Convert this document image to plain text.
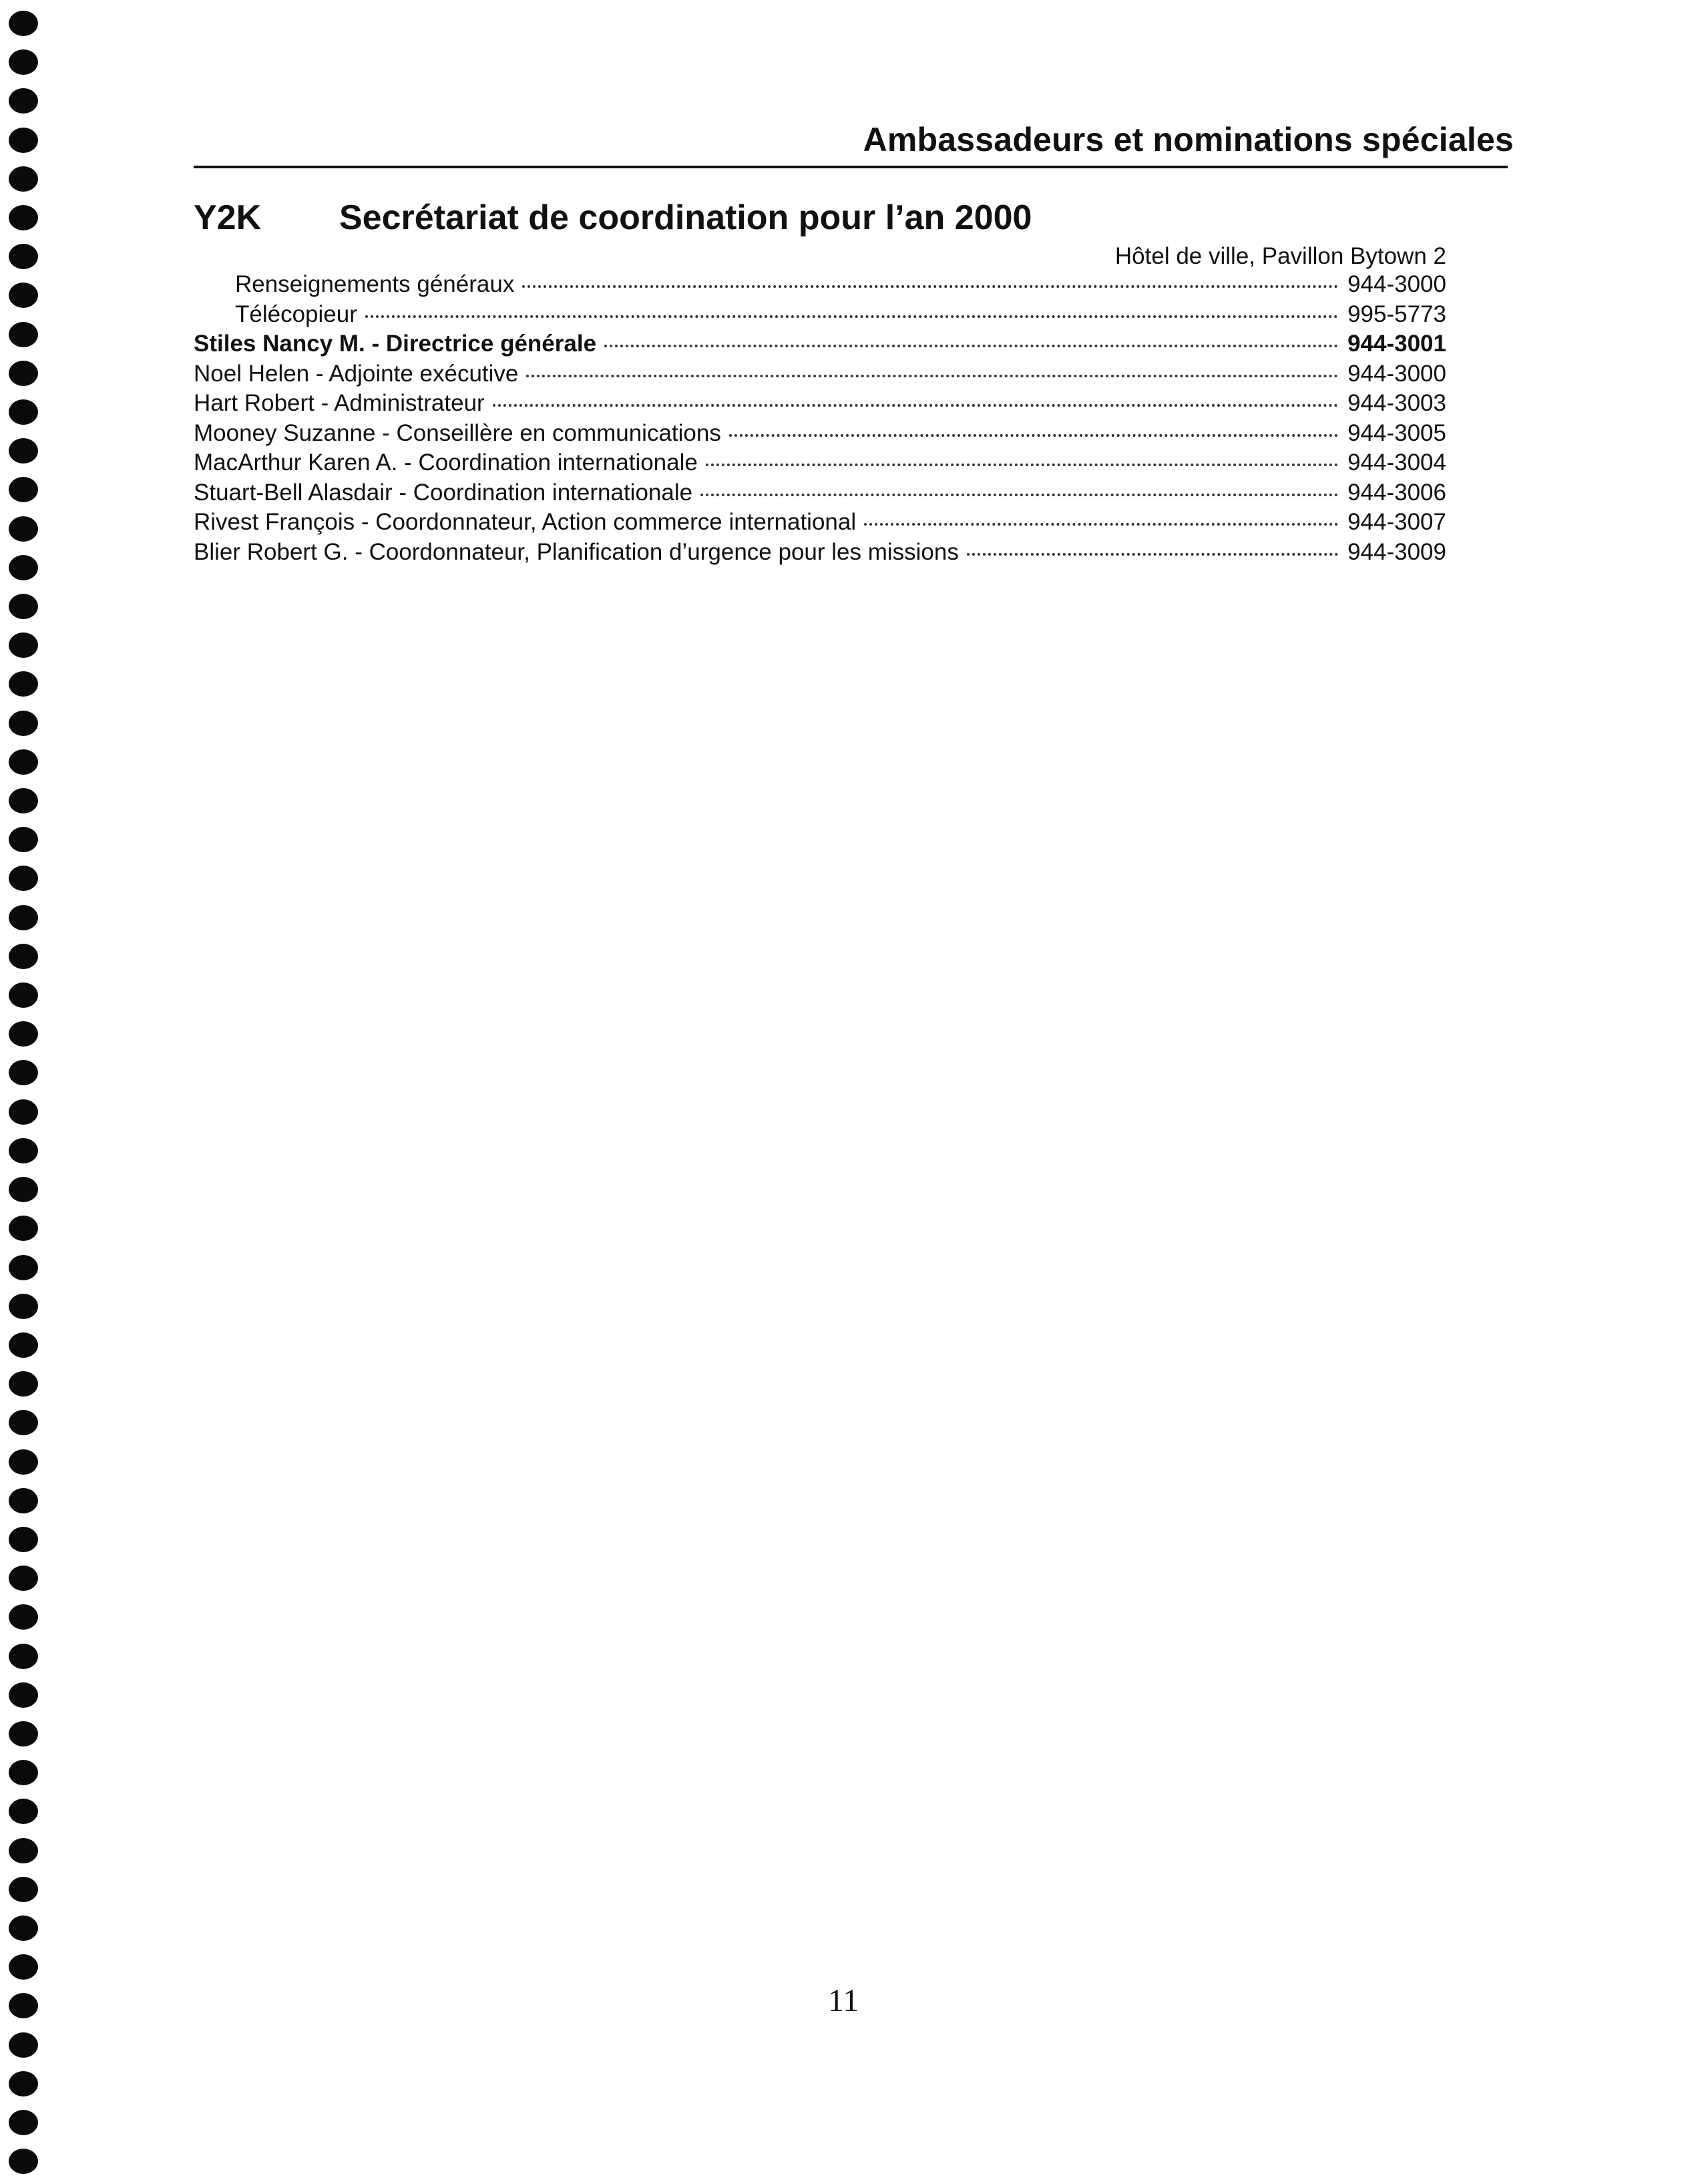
Ambassadeurs et nominations spéciales
Y2K Secrétariat de coordination pour l’an 2000
Hôtel de ville, Pavillon Bytown 2
Renseignements généraux	944-3000
Télécopieur	995-5773
Stiles Nancy M. - Directrice générale	944-3001
Noel Helen - Adjointe exécutive	944-3000
Hart Robert - Administrateur	944-3003
Mooney Suzanne - Conseillère en communications	944-3005
MacArthur Karen A. - Coordination internationale	944-3004
Stuart-Bell Alasdair - Coordination internationale	944-3006
Rivest François - Coordonnateur, Action commerce international	944-3007
Blier Robert G. - Coordonnateur, Planification d’urgence pour les missions	944-3009
11
